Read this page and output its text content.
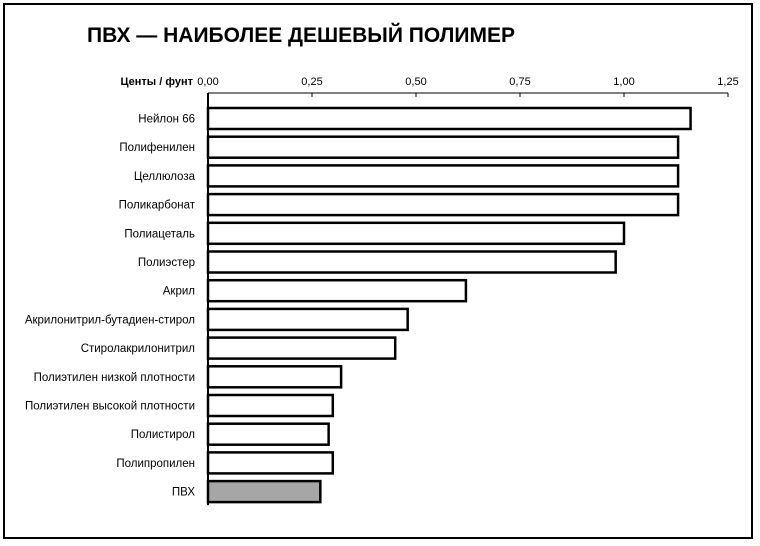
ПВХ — НАИБОЛЕЕ ДЕШЕВЫЙ ПОЛИМЕР
Центы / фунт 0,00	0,25	0,50	0,75	1,00	1,25
Нейлон 66
Полифенилен
Целлюлоза
Поликарбонат
Полиацеталь
Полиэстер
Акрил
Акрилонитрил-бутадиен-стирол
Стиролакрилонитрил
Полиэтилен низкой плотности
Полиэтилен высокой плотности
Полистирол
Полипропилен
ПВХ
